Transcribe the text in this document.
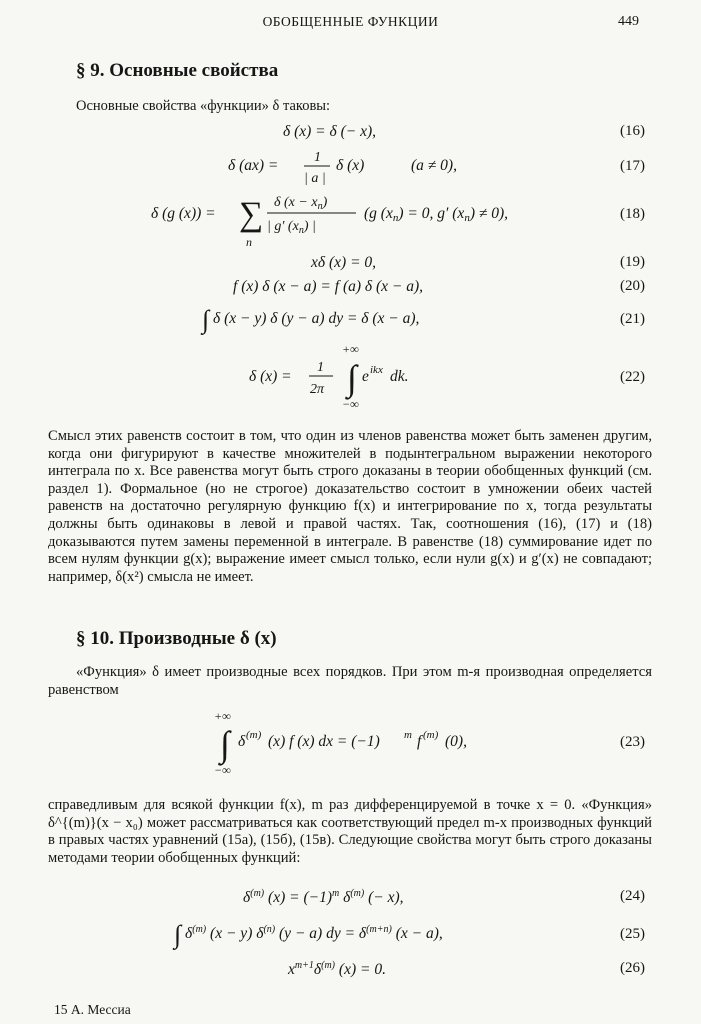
ОБОБЩЕННЫЕ ФУНКЦИИ	449
§ 9. Основные свойства
Основные свойства «функции» δ таковы:
δ (x) = δ (− x),	(16)
δ (ax) =	1
| a |
δ (x)	(a ≠ 0),	(17)
δ (g (x)) = ∑
n
δ $(x - x_n)$
| g′ $(x_n)$ |
(g (xn) = 0, g′ (xn) ≠ 0),	(18)
xδ (x) = 0,	(19)
f (x) δ (x − a) = f (a) δ (x − a),	(20)
∫ δ (x − y) δ (y − a) dy = δ (x − a),	(21)
δ (x) =
1
2π
+∞
∫
−∞
e ikx dk.	(22)

Смысл этих равенств состоит в том, что один из членов равенства может быть заменен другим, когда они фигурируют в качестве множителей в подынтегральном выражении некоторого интеграла по x. Все равенства могут быть строго доказаны в теории обобщенных функций (см. раздел 1). Формальное (но не строгое) доказательство состоит в умножении обеих частей равенств на достаточно регулярную функцию f(x) и интегрирование по x, тогда результаты должны быть одинаковы в левой и правой частях. Так, соотношения (16), (17) и (18) доказываются путем замены переменной в интеграле. В равенстве (18) суммирование идет по всем нулям функции g(x); выражение имеет смысл только, если нули g(x) и g′(x) не совпадают; например, δ(x²) смысла не имеет.

§ 10. Производные δ (x)

«Функция» δ имеет производные всех порядков. При этом m-я производная определяется равенством

+∞
∫
−∞
δ (m) (x) f (x) dx = (−1) m f (m) (0),	(23)

справедливым для всякой функции f(x), m раз дифференцируемой в точке x = 0. «Функция» δ^{(m)}(x − x₀) может рассматриваться как соответствующий предел m-х производных функций в правых частях уравнений (15а), (15б), (15в). Следующие свойства могут быть строго доказаны методами теории обобщенных функций:

$\delta^{(m)}$ $(x) = (-1)^m$ $\delta^{(m)}$ (− x),	(24)
∫ $\delta^{(m)}$ (x − y) $\delta^{(n)}$ (y − a) dy = $\delta^{(m+n)}$ (x − a),	(25)
$x^{m+1}\delta^{(m)}$ (x) = 0.	(26)
15 А. Мессиа
